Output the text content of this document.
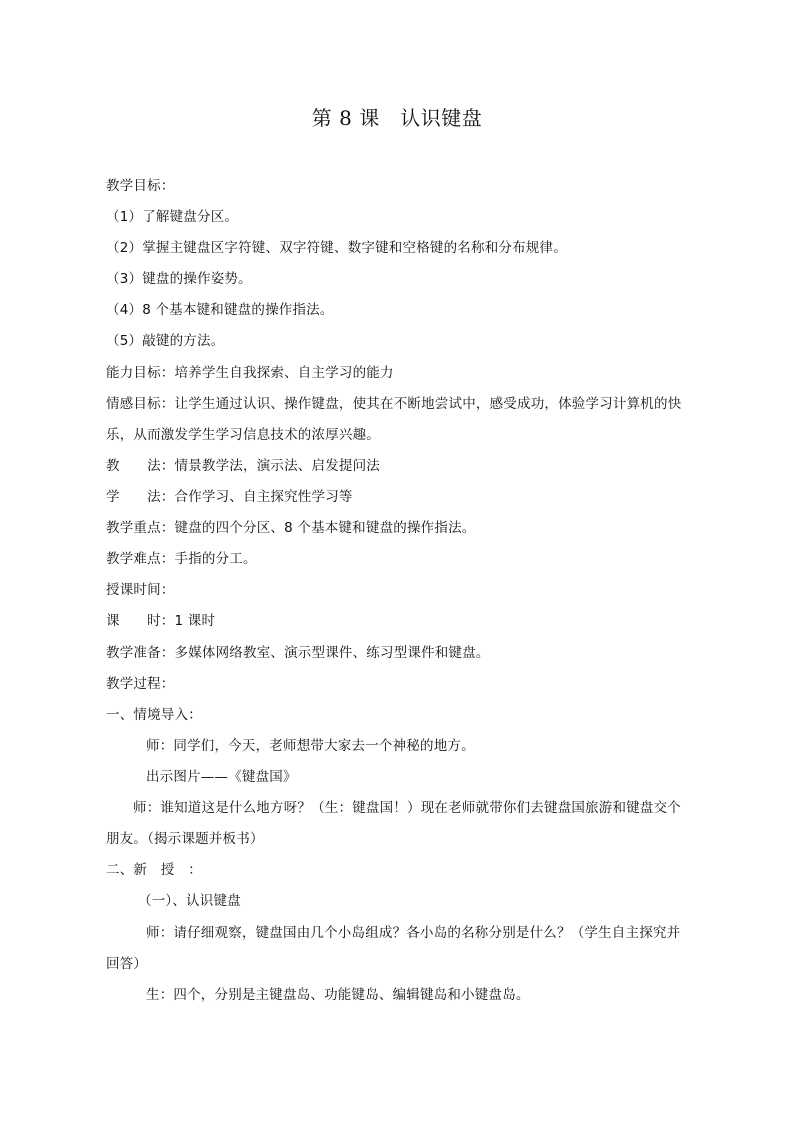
第 8 课　认识键盘
教学目标：
（1）了解键盘分区。
（2）掌握主键盘区字符键、双字符键、数字键和空格键的名称和分布规律。
（3）键盘的操作姿势。
（4）8 个基本键和键盘的操作指法。
（5）敲键的方法。
能力目标：培养学生自我探索、自主学习的能力
情感目标：让学生通过认识、操作键盘，使其在不断地尝试中，感受成功，体验学习计算机的快
乐，从而激发学生学习信息技术的浓厚兴趣。
教　　法：情景教学法，演示法、启发提问法
学　　法：合作学习、自主探究性学习等
教学重点：键盘的四个分区、8 个基本键和键盘的操作指法。
教学难点：手指的分工。
授课时间：
课　　时：1 课时
教学准备：多媒体网络教室、演示型课件、练习型课件和键盘。
教学过程：
一、情境导入：
师：同学们，今天，老师想带大家去一个神秘的地方。
出示图片——《键盘国》
师：谁知道这是什么地方呀？（生：键盘国！）现在老师就带你们去键盘国旅游和键盘交个
朋友。（揭示课题并板书）
二、新　授　：
（一）、认识键盘
师：请仔细观察，键盘国由几个小岛组成？各小岛的名称分别是什么？（学生自主探究并
回答）
生：四个，分别是主键盘岛、功能键岛、编辑键岛和小键盘岛。
